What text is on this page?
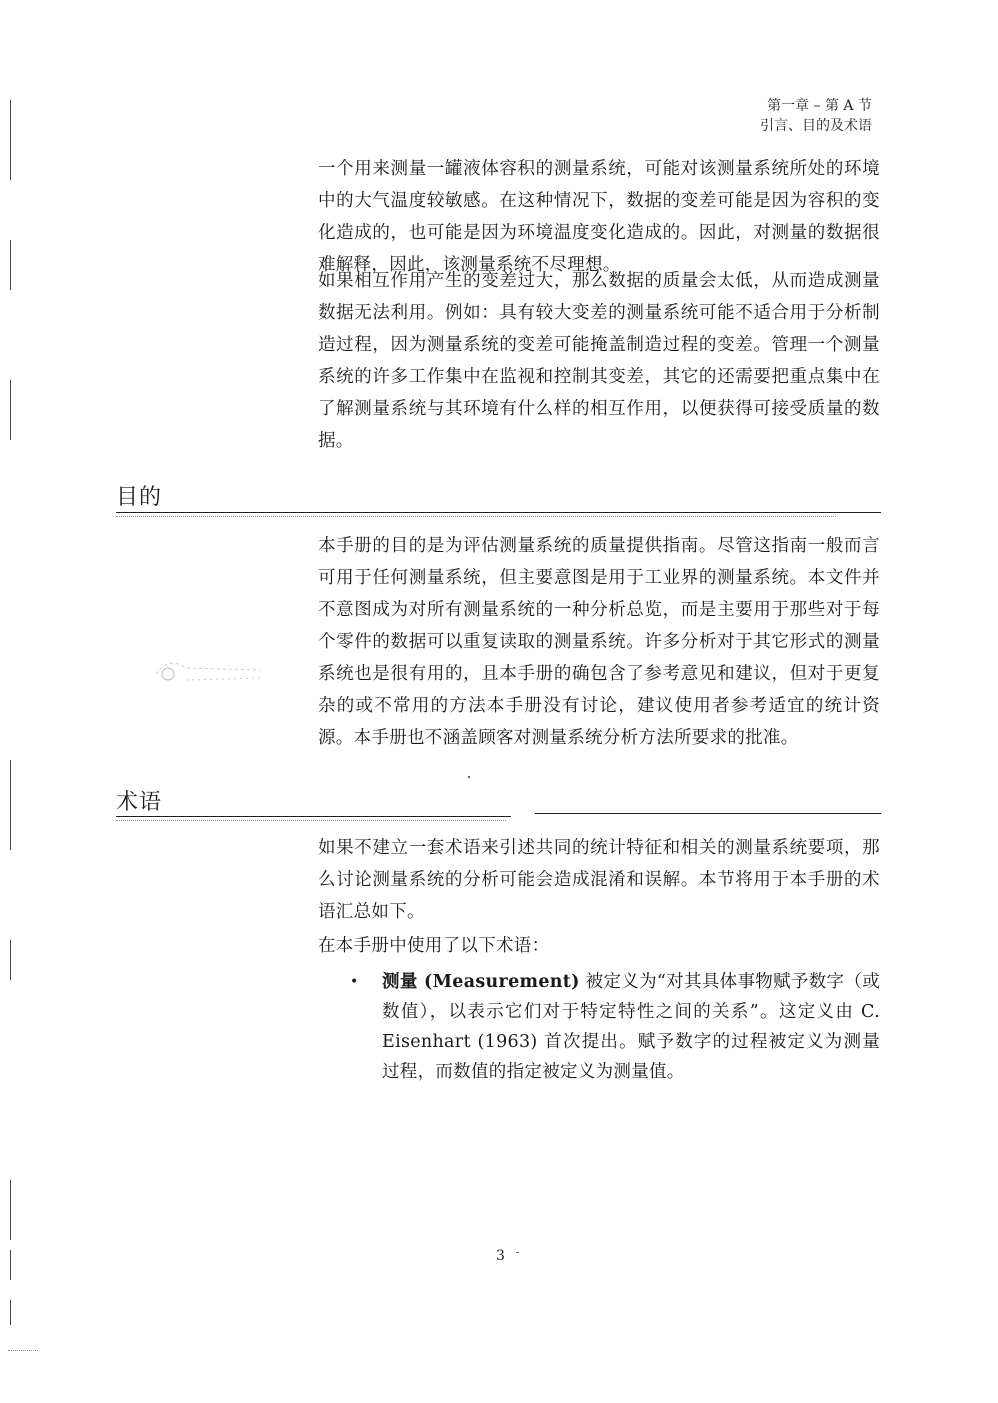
第一章 – 第 A 节
引言、目的及术语

一个用来测量一罐液体容积的测量系统，可能对该测量系统所处的环境中的大气温度较敏感。在这种情况下，数据的变差可能是因为容积的变化造成的，也可能是因为环境温度变化造成的。因此，对测量的数据很难解释，因此，该测量系统不尽理想。

如果相互作用产生的变差过大，那么数据的质量会太低，从而造成测量数据无法利用。例如：具有较大变差的测量系统可能不适合用于分析制造过程，因为测量系统的变差可能掩盖制造过程的变差。管理一个测量系统的许多工作集中在监视和控制其变差，其它的还需要把重点集中在了解测量系统与其环境有什么样的相互作用，以便获得可接受质量的数据。

目的

本手册的目的是为评估测量系统的质量提供指南。尽管这指南一般而言可用于任何测量系统，但主要意图是用于工业界的测量系统。本文件并不意图成为对所有测量系统的一种分析总览，而是主要用于那些对于每个零件的数据可以重复读取的测量系统。许多分析对于其它形式的测量系统也是很有用的，且本手册的确包含了参考意见和建议，但对于更复杂的或不常用的方法本手册没有讨论，建议使用者参考适宜的统计资源。本手册也不涵盖顾客对测量系统分析方法所要求的批准。

术语

如果不建立一套术语来引述共同的统计特征和相关的测量系统要项，那么讨论测量系统的分析可能会造成混淆和误解。本节将用于本手册的术语汇总如下。

在本手册中使用了以下术语：

• 测量 (Measurement) 被定义为“对其具体事物赋予数字（或数值），以表示它们对于特定特性之间的关系”。这定义由 C. Eisenhart (1963) 首次提出。赋予数字的过程被定义为测量过程，而数值的指定被定义为测量值。
3
